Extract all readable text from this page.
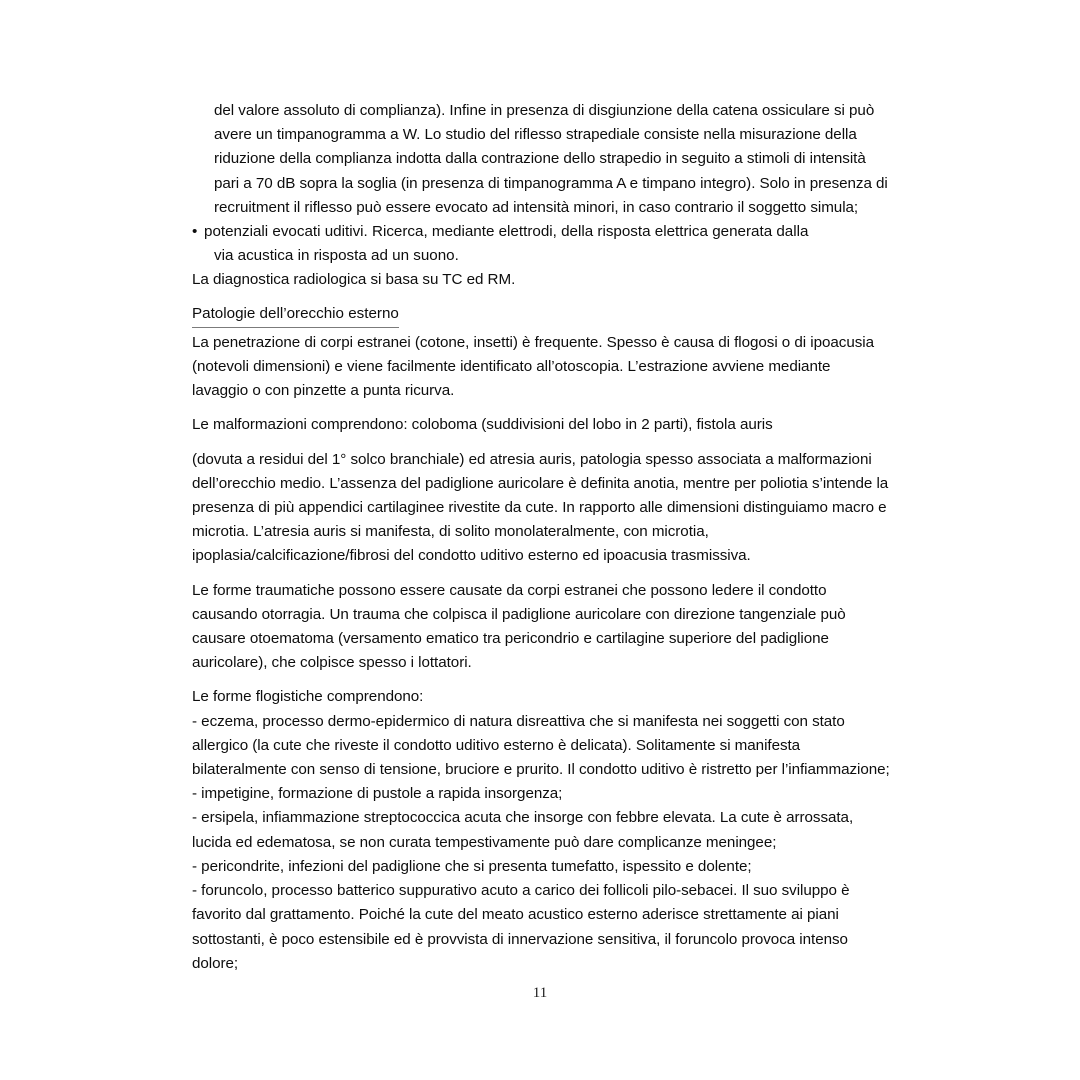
del valore assoluto di complianza). Infine in presenza di disgiunzione della catena ossiculare si può avere un timpanogramma a W. Lo studio del riflesso strapediale consiste nella misurazione della riduzione della complianza indotta dalla contrazione dello strapedio in seguito a stimoli di intensità pari a 70 dB sopra la soglia (in presenza di timpanogramma A e timpano integro). Solo in presenza di recruitment il riflesso può essere evocato ad intensità minori, in caso contrario il soggetto simula;

• potenziali evocati uditivi. Ricerca, mediante elettrodi, della risposta elettrica generata dalla
via acustica in risposta ad un suono.

La diagnostica radiologica si basa su TC ed RM.

Patologie dell’orecchio esterno

La penetrazione di corpi estranei (cotone, insetti) è frequente. Spesso è causa di flogosi o di ipoacusia (notevoli dimensioni) e viene facilmente identificato all’otoscopia. L’estrazione avviene mediante lavaggio o con pinzette a punta ricurva.

Le malformazioni comprendono: coloboma (suddivisioni del lobo in 2 parti), fistola auris

(dovuta a residui del 1° solco branchiale) ed atresia auris, patologia spesso associata a malformazioni dell’orecchio medio. L’assenza del padiglione auricolare è definita anotia, mentre per poliotia s’intende la presenza di più appendici cartilaginee rivestite da cute. In rapporto alle dimensioni distinguiamo macro e microtia. L’atresia auris si manifesta, di solito monolateralmente, con microtia, ipoplasia/calcificazione/fibrosi del condotto uditivo esterno ed ipoacusia trasmissiva.

Le forme traumatiche possono essere causate da corpi estranei che possono ledere il condotto causando otorragia. Un trauma che colpisca il padiglione auricolare con direzione tangenziale può causare otoematoma (versamento ematico tra pericondrio e cartilagine superiore del padiglione auricolare), che colpisce spesso i lottatori.

Le forme flogistiche comprendono:

- eczema, processo dermo-epidermico di natura disreattiva che si manifesta nei soggetti con stato allergico (la cute che riveste il condotto uditivo esterno è delicata). Solitamente si manifesta bilateralmente con senso di tensione, bruciore e prurito. Il condotto uditivo è ristretto per l’infiammazione;

- impetigine, formazione di pustole a rapida insorgenza;

- ersipela, infiammazione streptococcica acuta che insorge con febbre elevata. La cute è arrossata, lucida ed edematosa, se non curata tempestivamente può dare complicanze meningee;

- pericondrite, infezioni del padiglione che si presenta tumefatto, ispessito e dolente;

- foruncolo, processo batterico suppurativo acuto a carico dei follicoli pilo-sebacei. Il suo sviluppo è favorito dal grattamento. Poiché la cute del meato acustico esterno aderisce strettamente ai piani sottostanti, è poco estensibile ed è provvista di innervazione sensitiva, il foruncolo provoca intenso dolore;

11
